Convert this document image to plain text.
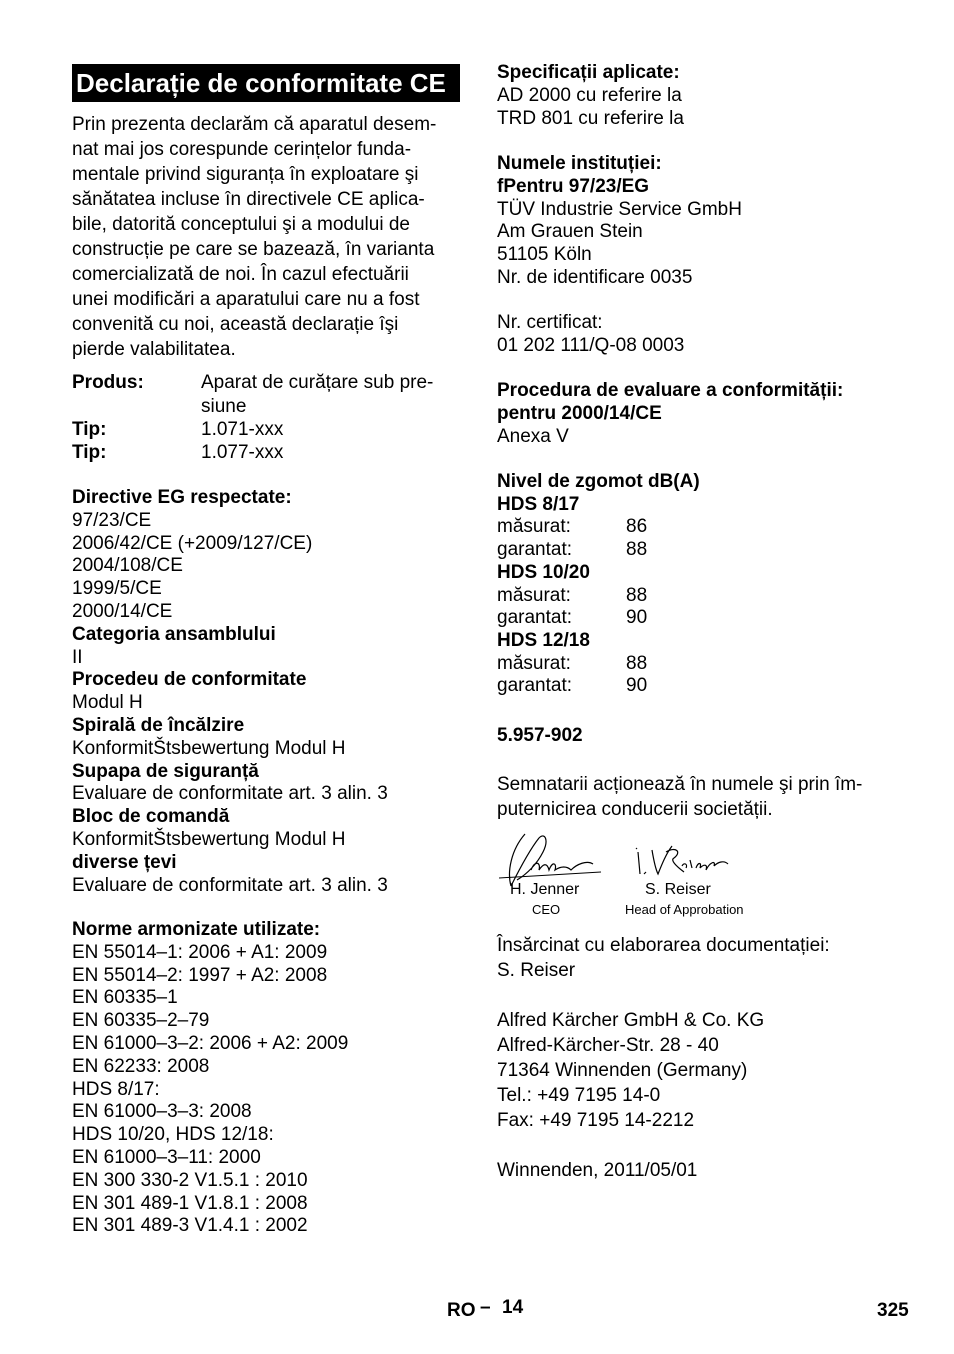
Declarație de conformitate CE
Prin prezenta declarăm că aparatul desem-
nat mai jos corespunde cerințelor funda-
mentale privind siguranța în exploatare şi
sănătatea incluse în directivele CE aplica-
bile, datorită conceptului şi a modului de
construcție pe care se bazează, în varianta
comercializată de noi. În cazul efectuării
unei modificări a aparatului care nu a fost
convenită cu noi, această declarație îşi
pierde valabilitatea.
Produs:	Aparat de curățare sub pre-
siune
Tip:	1.071-xxx
Tip:	1.077-xxx
Directive EG respectate:
97/23/CE
2006/42/CE (+2009/127/CE)
2004/108/CE
1999/5/CE
2000/14/CE
Categoria ansamblului
II
Procedeu de conformitate
Modul H
Spirală de încălzire
KonformitŠtsbewertung Modul H
Supapa de siguranță
Evaluare de conformitate art. 3 alin. 3
Bloc de comandă
KonformitŠtsbewertung Modul H
diverse țevi
Evaluare de conformitate art. 3 alin. 3
Norme armonizate utilizate:
EN 55014–1: 2006 + A1: 2009
EN 55014–2: 1997 + A2: 2008
EN 60335–1
EN 60335–2–79
EN 61000–3–2: 2006 + A2: 2009
EN 62233: 2008
HDS 8/17:
EN 61000–3–3: 2008
HDS 10/20, HDS 12/18:
EN 61000–3–11: 2000
EN 300 330-2 V1.5.1 : 2010
EN 301 489-1 V1.8.1 : 2008
EN 301 489-3 V1.4.1 : 2002
Specificații aplicate:
AD 2000 cu referire la
TRD 801 cu referire la
Numele instituției:
fPentru 97/23/EG
TÜV Industrie Service GmbH
Am Grauen Stein
51105 Köln
Nr. de identificare 0035
Nr. certificat:
01 202 111/Q-08 0003
Procedura de evaluare a conformității:
pentru 2000/14/CE
Anexa V
Nivel de zgomot dB(A)
HDS 8/17
măsurat:	86
garantat:	88
HDS 10/20
măsurat:	88
garantat:	90
HDS 12/18
măsurat:	88
garantat:	90
5.957-902
Semnatarii acționează în numele şi prin îm-
puternicirea conducerii societății.
H. Jenner
CEO
S. Reiser
Head of Approbation
Însărcinat cu elaborarea documentației:
S. Reiser
Alfred Kärcher GmbH & Co. KG
Alfred-Kärcher-Str. 28 - 40
71364 Winnenden (Germany)
Tel.: +49 7195 14-0
Fax: +49 7195 14-2212
Winnenden, 2011/05/01
RO – 14	325
